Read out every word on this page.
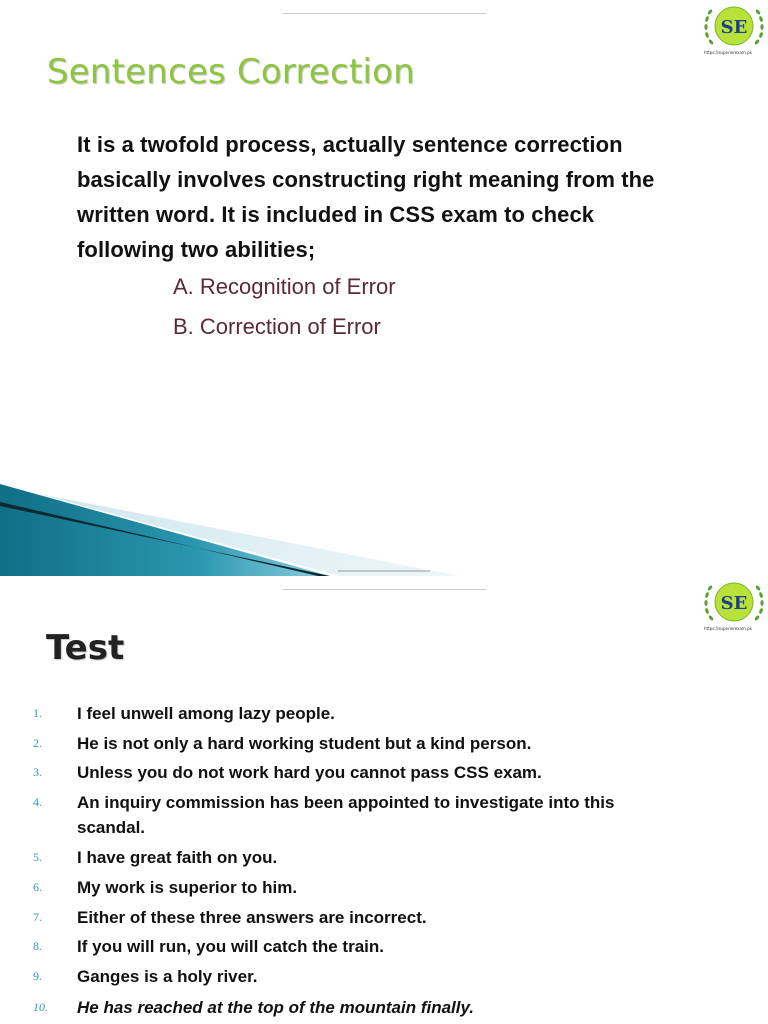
SE
https://superiorexam.pk
Sentences Correction
It is a twofold process, actually sentence correction
basically involves constructing right meaning from the
written word. It is included in CSS exam to check
following two abilities;

A. Recognition of Error

B. Correction of Error

SE
https://superiorexam.pk
Test
1.	I feel unwell among lazy people.
2.	He is not only a hard working student but a kind person.
3.	Unless you do not work hard you cannot pass CSS exam.
4.	An inquiry commission has been appointed to investigate into this scandal.
5.	I have great faith on you.
6.	My work is superior to him.
7.	Either of these three answers are incorrect.
8.	If you will run, you will catch the train.
9.	Ganges is a holy river.
10.	He has reached at the top of the mountain finally.
